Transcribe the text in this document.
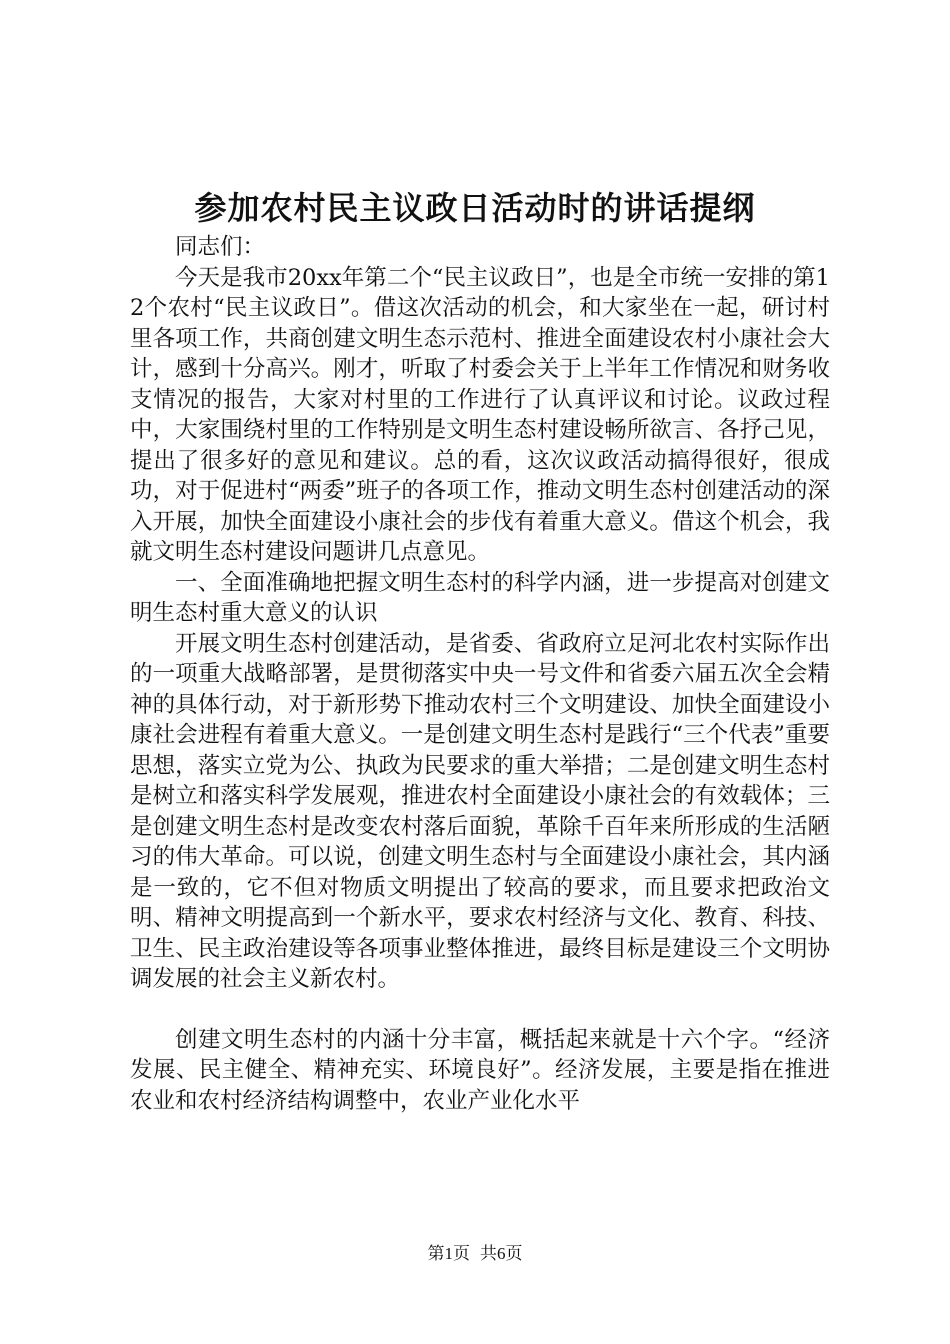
参加农村民主议政日活动时的讲话提纲

同志们：

今天是我市20xx年第二个“民主议政日”，也是全市统一安排的第12个农村“民主议政日”。借这次活动的机会，和大家坐在一起，研讨村里各项工作，共商创建文明生态示范村、推进全面建设农村小康社会大计，感到十分高兴。刚才，听取了村委会关于上半年工作情况和财务收支情况的报告，大家对村里的工作进行了认真评议和讨论。议政过程中，大家围绕村里的工作特别是文明生态村建设畅所欲言、各抒己见，提出了很多好的意见和建议。总的看，这次议政活动搞得很好，很成功，对于促进村“两委”班子的各项工作，推动文明生态村创建活动的深入开展，加快全面建设小康社会的步伐有着重大意义。借这个机会，我就文明生态村建设问题讲几点意见。

一、全面准确地把握文明生态村的科学内涵，进一步提高对创建文明生态村重大意义的认识

开展文明生态村创建活动，是省委、省政府立足河北农村实际作出的一项重大战略部署，是贯彻落实中央一号文件和省委六届五次全会精神的具体行动，对于新形势下推动农村三个文明建设、加快全面建设小康社会进程有着重大意义。一是创建文明生态村是践行“三个代表”重要思想，落实立党为公、执政为民要求的重大举措；二是创建文明生态村是树立和落实科学发展观，推进农村全面建设小康社会的有效载体；三是创建文明生态村是改变农村落后面貌，革除千百年来所形成的生活陋习的伟大革命。可以说，创建文明生态村与全面建设小康社会，其内涵是一致的，它不但对物质文明提出了较高的要求，而且要求把政治文明、精神文明提高到一个新水平，要求农村经济与文化、教育、科技、卫生、民主政治建设等各项事业整体推进，最终目标是建设三个文明协调发展的社会主义新农村。

创建文明生态村的内涵十分丰富，概括起来就是十六个字。“经济发展、民主健全、精神充实、环境良好”。经济发展，主要是指在推进农业和农村经济结构调整中，农业产业化水平

第1页 共6页
